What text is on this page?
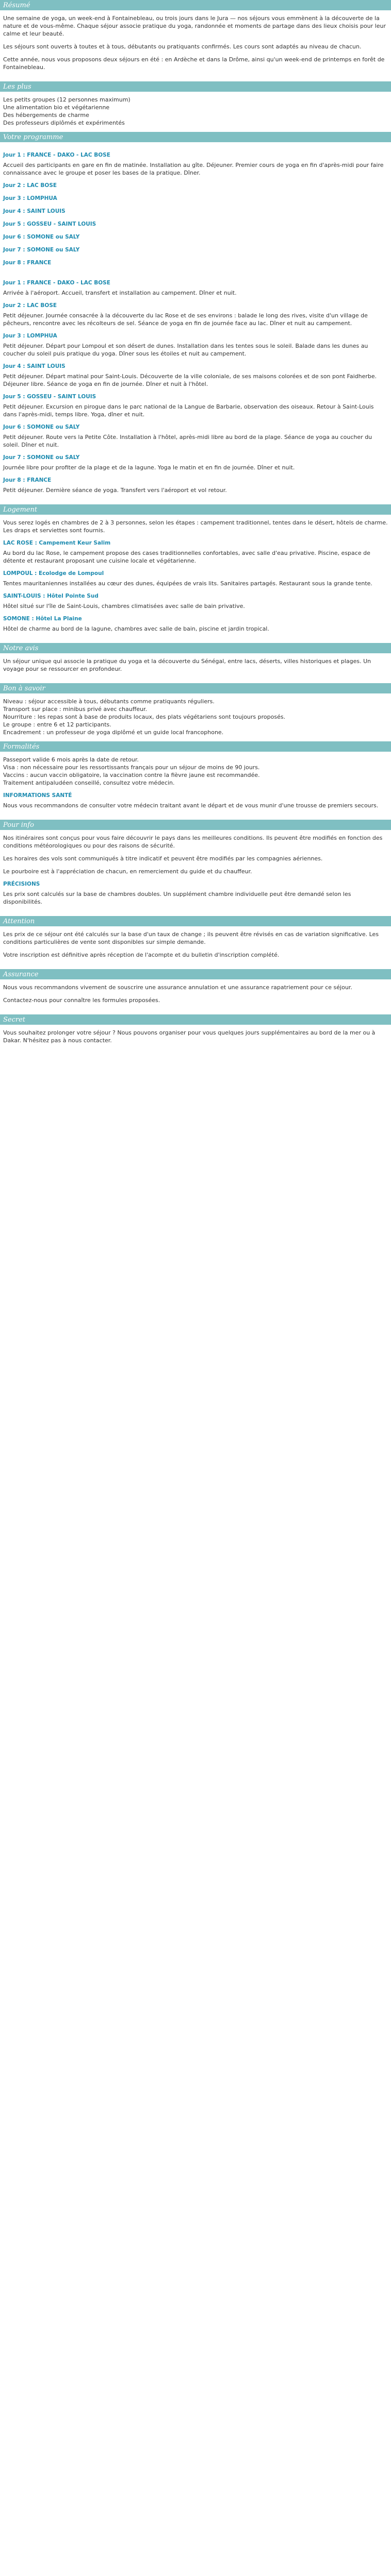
Résumé

Une semaine de yoga, un week-end à Fontainebleau, ou trois jours dans le Jura — nos séjours vous emmènent à la découverte de la nature et de vous-même. Chaque séjour associe pratique du yoga, randonnée et moments de partage dans des lieux choisis pour leur calme et leur beauté.

Les séjours sont ouverts à toutes et à tous, débutants ou pratiquants confirmés. Les cours sont adaptés au niveau de chacun.

Cette année, nous vous proposons deux séjours en été : en Ardèche et dans la Drôme, ainsi qu'un week-end de printemps en forêt de Fontainebleau.

Les plus

Les petits groupes (12 personnes maximum)

Une alimentation bio et végétarienne

Des hébergements de charme

Des professeurs diplômés et expérimentés

Votre programme
Jour 1 : FRANCE - DAKO - LAC BOSE

Accueil des participants en gare en fin de matinée. Installation au gîte. Déjeuner. Premier cours de yoga en fin d'après-midi pour faire connaissance avec le groupe et poser les bases de la pratique. Dîner.

Jour 2 : LAC BOSE
Jour 3 : LOMPHUA
Jour 4 : SAINT LOUIS
Jour 5 : GOSSEU - SAINT LOUIS
Jour 6 : SOMONE ou SALY
Jour 7 : SOMONE ou SALY
Jour 8 : FRANCE
Jour 1 : FRANCE - DAKO - LAC BOSE

Arrivée à l'aéroport. Accueil, transfert et installation au campement. Dîner et nuit.

Jour 2 : LAC BOSE

Petit déjeuner. Journée consacrée à la découverte du lac Rose et de ses environs : balade le long des rives, visite d'un village de pêcheurs, rencontre avec les récolteurs de sel. Séance de yoga en fin de journée face au lac. Dîner et nuit au campement.

Jour 3 : LOMPHUA

Petit déjeuner. Départ pour Lompoul et son désert de dunes. Installation dans les tentes sous le soleil. Balade dans les dunes au coucher du soleil puis pratique du yoga. Dîner sous les étoiles et nuit au campement.

Jour 4 : SAINT LOUIS

Petit déjeuner. Départ matinal pour Saint-Louis. Découverte de la ville coloniale, de ses maisons colorées et de son pont Faidherbe. Déjeuner libre. Séance de yoga en fin de journée. Dîner et nuit à l'hôtel.

Jour 5 : GOSSEU - SAINT LOUIS

Petit déjeuner. Excursion en pirogue dans le parc national de la Langue de Barbarie, observation des oiseaux. Retour à Saint-Louis dans l'après-midi, temps libre. Yoga, dîner et nuit.

Jour 6 : SOMONE ou SALY

Petit déjeuner. Route vers la Petite Côte. Installation à l'hôtel, après-midi libre au bord de la plage. Séance de yoga au coucher du soleil. Dîner et nuit.

Jour 7 : SOMONE ou SALY

Journée libre pour profiter de la plage et de la lagune. Yoga le matin et en fin de journée. Dîner et nuit.

Jour 8 : FRANCE

Petit déjeuner. Dernière séance de yoga. Transfert vers l'aéroport et vol retour.

Logement

Vous serez logés en chambres de 2 à 3 personnes, selon les étapes : campement traditionnel, tentes dans le désert, hôtels de charme. Les draps et serviettes sont fournis.

LAC ROSE : Campement Keur Salim

Au bord du lac Rose, le campement propose des cases traditionnelles confortables, avec salle d'eau privative. Piscine, espace de détente et restaurant proposant une cuisine locale et végétarienne.

LOMPOUL : Ecolodge de Lompoul

Tentes mauritaniennes installées au cœur des dunes, équipées de vrais lits. Sanitaires partagés. Restaurant sous la grande tente.

SAINT-LOUIS : Hôtel Pointe Sud

Hôtel situé sur l'île de Saint-Louis, chambres climatisées avec salle de bain privative.

SOMONE : Hôtel La Plaine

Hôtel de charme au bord de la lagune, chambres avec salle de bain, piscine et jardin tropical.

Notre avis

Un séjour unique qui associe la pratique du yoga et la découverte du Sénégal, entre lacs, déserts, villes historiques et plages. Un voyage pour se ressourcer en profondeur.

Bon à savoir

Niveau : séjour accessible à tous, débutants comme pratiquants réguliers.

Transport sur place : minibus privé avec chauffeur.

Nourriture : les repas sont à base de produits locaux, des plats végétariens sont toujours proposés.

Le groupe : entre 6 et 12 participants.

Encadrement : un professeur de yoga diplômé et un guide local francophone.

Formalités

Passeport valide 6 mois après la date de retour.

Visa : non nécessaire pour les ressortissants français pour un séjour de moins de 90 jours.

Vaccins : aucun vaccin obligatoire, la vaccination contre la fièvre jaune est recommandée.

Traitement antipaludéen conseillé, consultez votre médecin.

INFORMATIONS SANTÉ

Nous vous recommandons de consulter votre médecin traitant avant le départ et de vous munir d'une trousse de premiers secours.

Pour info

Nos itinéraires sont conçus pour vous faire découvrir le pays dans les meilleures conditions. Ils peuvent être modifiés en fonction des conditions météorologiques ou pour des raisons de sécurité.

Les horaires des vols sont communiqués à titre indicatif et peuvent être modifiés par les compagnies aériennes.

Le pourboire est à l'appréciation de chacun, en remerciement du guide et du chauffeur.

PRÉCISIONS

Les prix sont calculés sur la base de chambres doubles. Un supplément chambre individuelle peut être demandé selon les disponibilités.

Attention

Les prix de ce séjour ont été calculés sur la base d'un taux de change ; ils peuvent être révisés en cas de variation significative. Les conditions particulières de vente sont disponibles sur simple demande.

Votre inscription est définitive après réception de l'acompte et du bulletin d'inscription complété.

Assurance

Nous vous recommandons vivement de souscrire une assurance annulation et une assurance rapatriement pour ce séjour.

Contactez-nous pour connaître les formules proposées.

Secret

Vous souhaitez prolonger votre séjour ? Nous pouvons organiser pour vous quelques jours supplémentaires au bord de la mer ou à Dakar. N'hésitez pas à nous contacter.
